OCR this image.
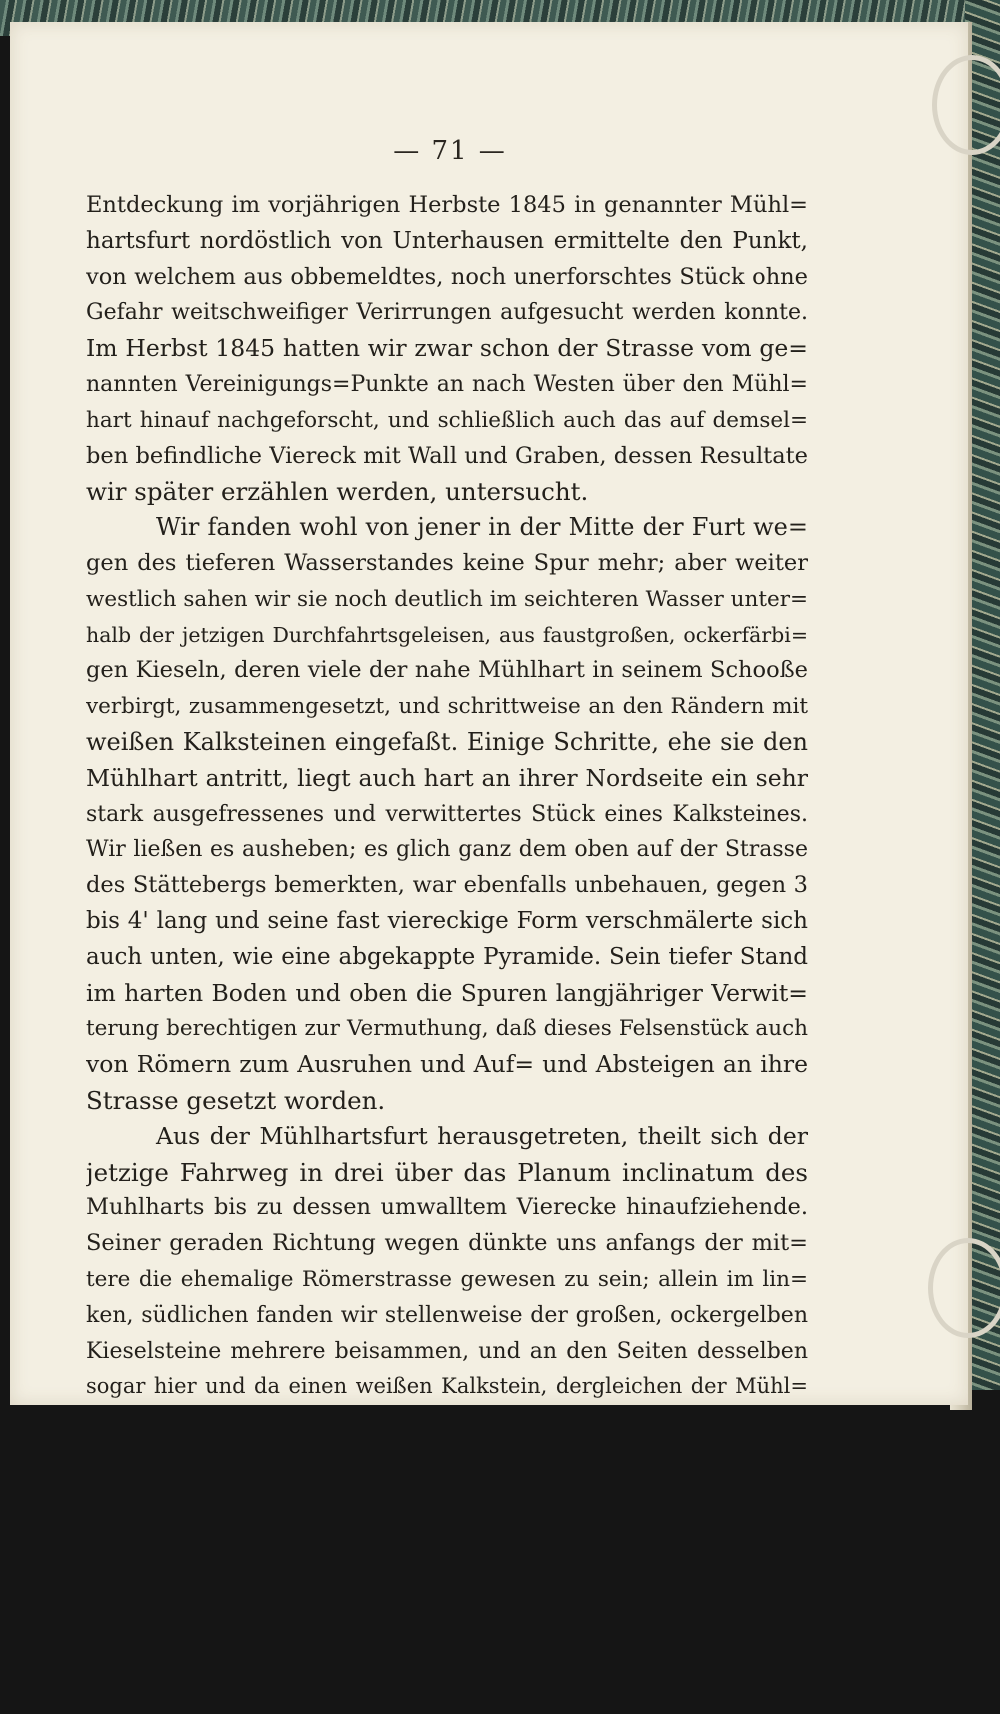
— 71 —
Entdeckung im vorjährigen Herbste 1845 in genannter Mühl=
hartsfurt nordöstlich von Unterhausen ermittelte den Punkt,
von welchem aus obbemeldtes, noch unerforschtes Stück ohne
Gefahr weitschweifiger Verirrungen aufgesucht werden konnte.
Im Herbst 1845 hatten wir zwar schon der Strasse vom ge=
nannten Vereinigungs=Punkte an nach Westen über den Mühl=
hart hinauf nachgeforscht, und schließlich auch das auf demsel=
ben befindliche Viereck mit Wall und Graben, dessen Resultate
wir später erzählen werden, untersucht.
Wir fanden wohl von jener in der Mitte der Furt we=
gen des tieferen Wasserstandes keine Spur mehr; aber weiter
westlich sahen wir sie noch deutlich im seichteren Wasser unter=
halb der jetzigen Durchfahrtsgeleisen, aus faustgroßen, ockerfärbi=
gen Kieseln, deren viele der nahe Mühlhart in seinem Schooße
verbirgt, zusammengesetzt, und schrittweise an den Rändern mit
weißen Kalksteinen eingefaßt. Einige Schritte, ehe sie den
Mühlhart antritt, liegt auch hart an ihrer Nordseite ein sehr
stark ausgefressenes und verwittertes Stück eines Kalksteines.
Wir ließen es ausheben; es glich ganz dem oben auf der Strasse
des Stättebergs bemerkten, war ebenfalls unbehauen, gegen 3
bis 4' lang und seine fast viereckige Form verschmälerte sich
auch unten, wie eine abgekappte Pyramide. Sein tiefer Stand
im harten Boden und oben die Spuren langjähriger Verwit=
terung berechtigen zur Vermuthung, daß dieses Felsenstück auch
von Römern zum Ausruhen und Auf= und Absteigen an ihre
Strasse gesetzt worden.
Aus der Mühlhartsfurt herausgetreten, theilt sich der
jetzige Fahrweg in drei über das Planum inclinatum des
Muhlharts bis zu dessen umwalltem Vierecke hinaufziehende.
Seiner geraden Richtung wegen dünkte uns anfangs der mit=
tere die ehemalige Römerstrasse gewesen zu sein; allein im lin=
ken, südlichen fanden wir stellenweise der großen, ockergelben
Kieselsteine mehrere beisammen, und an den Seiten desselben
sogar hier und da einen weißen Kalkstein, dergleichen der Mühl=
